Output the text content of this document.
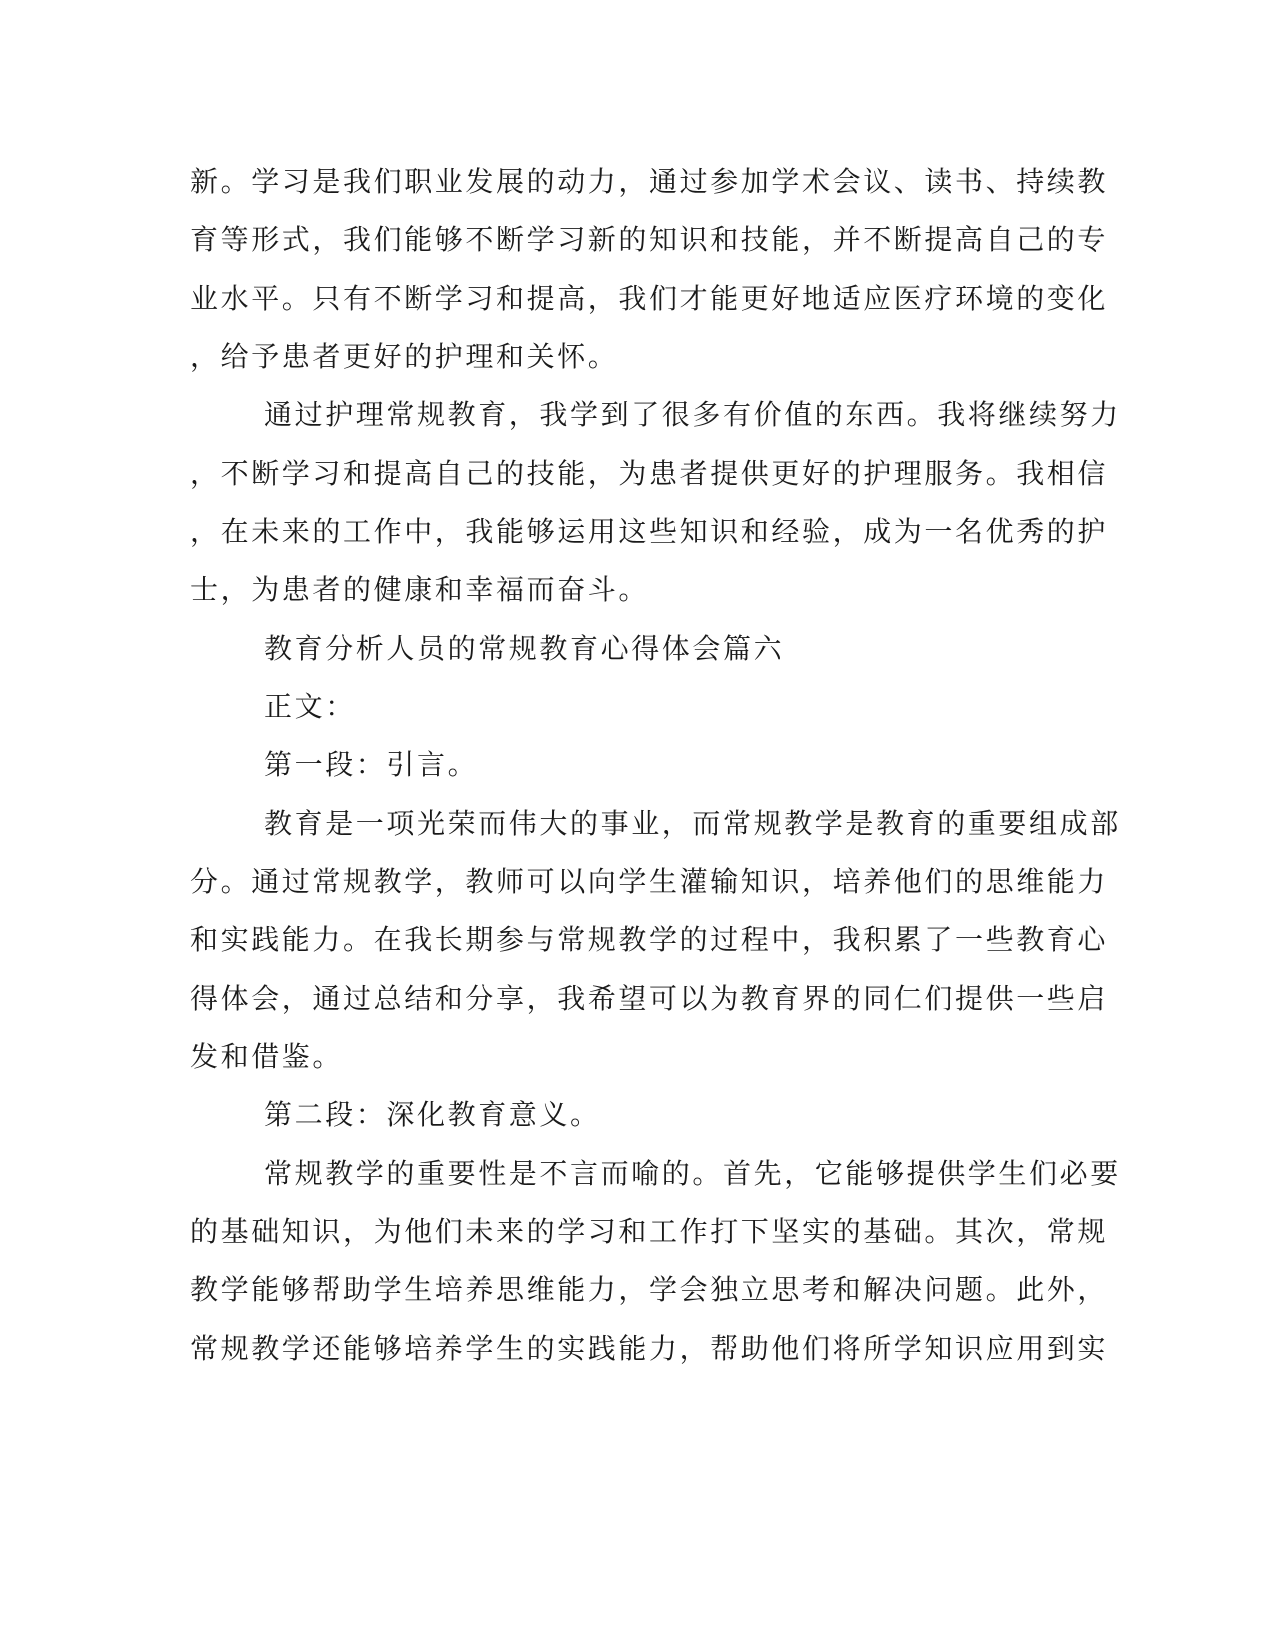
新。学习是我们职业发展的动力，通过参加学术会议、读书、持续教
育等形式，我们能够不断学习新的知识和技能，并不断提高自己的专
业水平。只有不断学习和提高，我们才能更好地适应医疗环境的变化
，给予患者更好的护理和关怀。
通过护理常规教育，我学到了很多有价值的东西。我将继续努力
，不断学习和提高自己的技能，为患者提供更好的护理服务。我相信
，在未来的工作中，我能够运用这些知识和经验，成为一名优秀的护
士，为患者的健康和幸福而奋斗。
教育分析人员的常规教育心得体会篇六
正文：
第一段：引言。
教育是一项光荣而伟大的事业，而常规教学是教育的重要组成部
分。通过常规教学，教师可以向学生灌输知识，培养他们的思维能力
和实践能力。在我长期参与常规教学的过程中，我积累了一些教育心
得体会，通过总结和分享，我希望可以为教育界的同仁们提供一些启
发和借鉴。
第二段：深化教育意义。
常规教学的重要性是不言而喻的。首先，它能够提供学生们必要
的基础知识，为他们未来的学习和工作打下坚实的基础。其次，常规
教学能够帮助学生培养思维能力，学会独立思考和解决问题。此外，
常规教学还能够培养学生的实践能力，帮助他们将所学知识应用到实
